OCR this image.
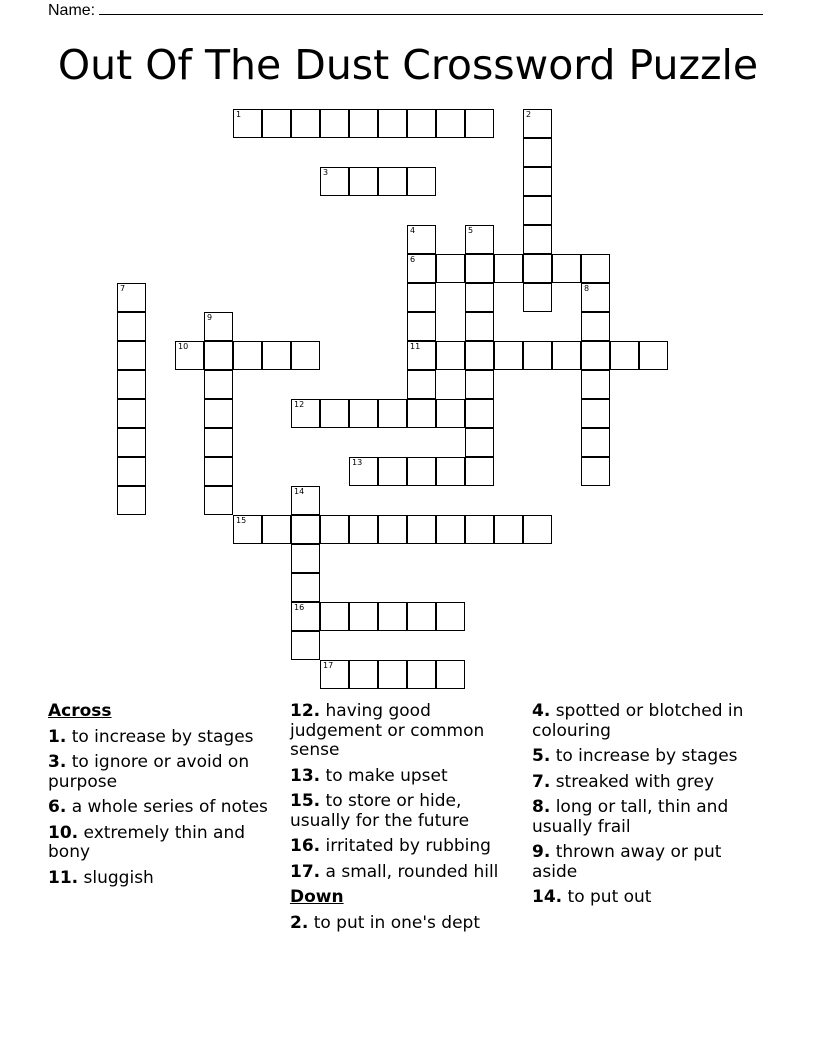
Name:
Out Of The Dust Crossword Puzzle
1	2
3
4
6
11
5
7	8
9
10
12
13
14
16
15
17
Across
1. to increase by stages
3. to ignore or avoid on purpose
6. a whole series of notes
10. extremely thin and bony
11. sluggish
12. having good judgement or common sense
13. to make upset
15. to store or hide, usually for the future
16. irritated by rubbing
17. a small, rounded hill
Down
2. to put in one's dept
4. spotted or blotched in colouring
5. to increase by stages
7. streaked with grey
8. long or tall, thin and usually frail
9. thrown away or put aside
14. to put out
